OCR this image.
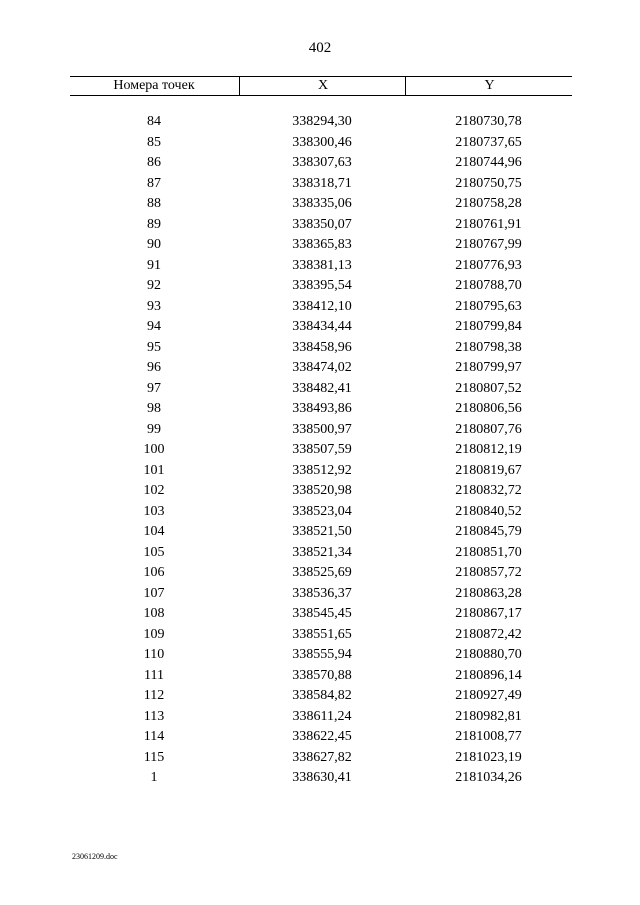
402
Номера точек	X	Y
84	338294,30	2180730,78
85	338300,46	2180737,65
86	338307,63	2180744,96
87	338318,71	2180750,75
88	338335,06	2180758,28
89	338350,07	2180761,91
90	338365,83	2180767,99
91	338381,13	2180776,93
92	338395,54	2180788,70
93	338412,10	2180795,63
94	338434,44	2180799,84
95	338458,96	2180798,38
96	338474,02	2180799,97
97	338482,41	2180807,52
98	338493,86	2180806,56
99	338500,97	2180807,76
100	338507,59	2180812,19
101	338512,92	2180819,67
102	338520,98	2180832,72
103	338523,04	2180840,52
104	338521,50	2180845,79
105	338521,34	2180851,70
106	338525,69	2180857,72
107	338536,37	2180863,28
108	338545,45	2180867,17
109	338551,65	2180872,42
110	338555,94	2180880,70
111	338570,88	2180896,14
112	338584,82	2180927,49
113	338611,24	2180982,81
114	338622,45	2181008,77
115	338627,82	2181023,19
1	338630,41	2181034,26
23061209.doc
